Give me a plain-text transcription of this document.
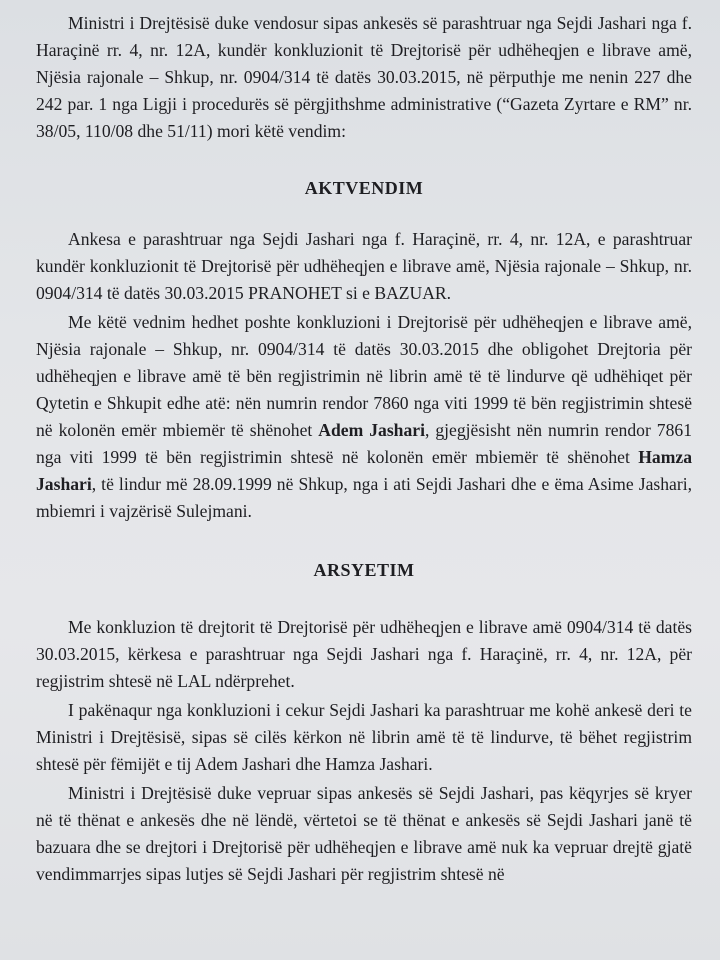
Ministri i Drejtësisë duke vendosur sipas ankesës së parashtruar nga Sejdi Jashari nga f. Haraçinë rr. 4, nr. 12A, kundër konkluzionit të Drejtorisë për udhëheqjen e librave amë, Njësia rajonale – Shkup, nr. 0904/314 të datës 30.03.2015, në përputhje me nenin 227 dhe 242 par. 1 nga Ligji i procedurës së përgjithshme administrative (“Gazeta Zyrtare e RM” nr. 38/05, 110/08 dhe 51/11) mori këtë vendim:

AKTVENDIM

Ankesa e parashtruar nga Sejdi Jashari nga f. Haraçinë, rr. 4, nr. 12A, e parashtruar kundër konkluzionit të Drejtorisë për udhëheqjen e librave amë, Njësia rajonale – Shkup, nr. 0904/314 të datës 30.03.2015 PRANOHET si e BAZUAR.

Me këtë vednim hedhet poshte konkluzioni i Drejtorisë për udhëheqjen e librave amë, Njësia rajonale – Shkup, nr. 0904/314 të datës 30.03.2015 dhe obligohet Drejtoria për udhëheqjen e librave amë të bën regjistrimin në librin amë të të lindurve që udhëhiqet për Qytetin e Shkupit edhe atë: nën numrin rendor 7860 nga viti 1999 të bën regjistrimin shtesë në kolonën emër mbiemër të shënohet Adem Jashari, gjegjësisht nën numrin rendor 7861 nga viti 1999 të bën regjistrimin shtesë në kolonën emër mbiemër të shënohet Hamza Jashari, të lindur më 28.09.1999 në Shkup, nga i ati Sejdi Jashari dhe e ëma Asime Jashari, mbiemri i vajzërisë Sulejmani.

ARSYETIM

Me konkluzion të drejtorit të Drejtorisë për udhëheqjen e librave amë 0904/314 të datës 30.03.2015, kërkesa e parashtruar nga Sejdi Jashari nga f. Haraçinë, rr. 4, nr. 12A, për regjistrim shtesë në LAL ndërprehet.

I pakënaqur nga konkluzioni i cekur Sejdi Jashari ka parashtruar me kohë ankesë deri te Ministri i Drejtësisë, sipas së cilës kërkon në librin amë të të lindurve, të bëhet regjistrim shtesë për fëmijët e tij Adem Jashari dhe Hamza Jashari.

Ministri i Drejtësisë duke vepruar sipas ankesës së Sejdi Jashari, pas këqyrjes së kryer në të thënat e ankesës dhe në lëndë, vërtetoi se të thënat e ankesës së Sejdi Jashari janë të bazuara dhe se drejtori i Drejtorisë për udhëheqjen e librave amë nuk ka vepruar drejtë gjatë vendimmarrjes sipas lutjes së Sejdi Jashari për regjistrim shtesë në
